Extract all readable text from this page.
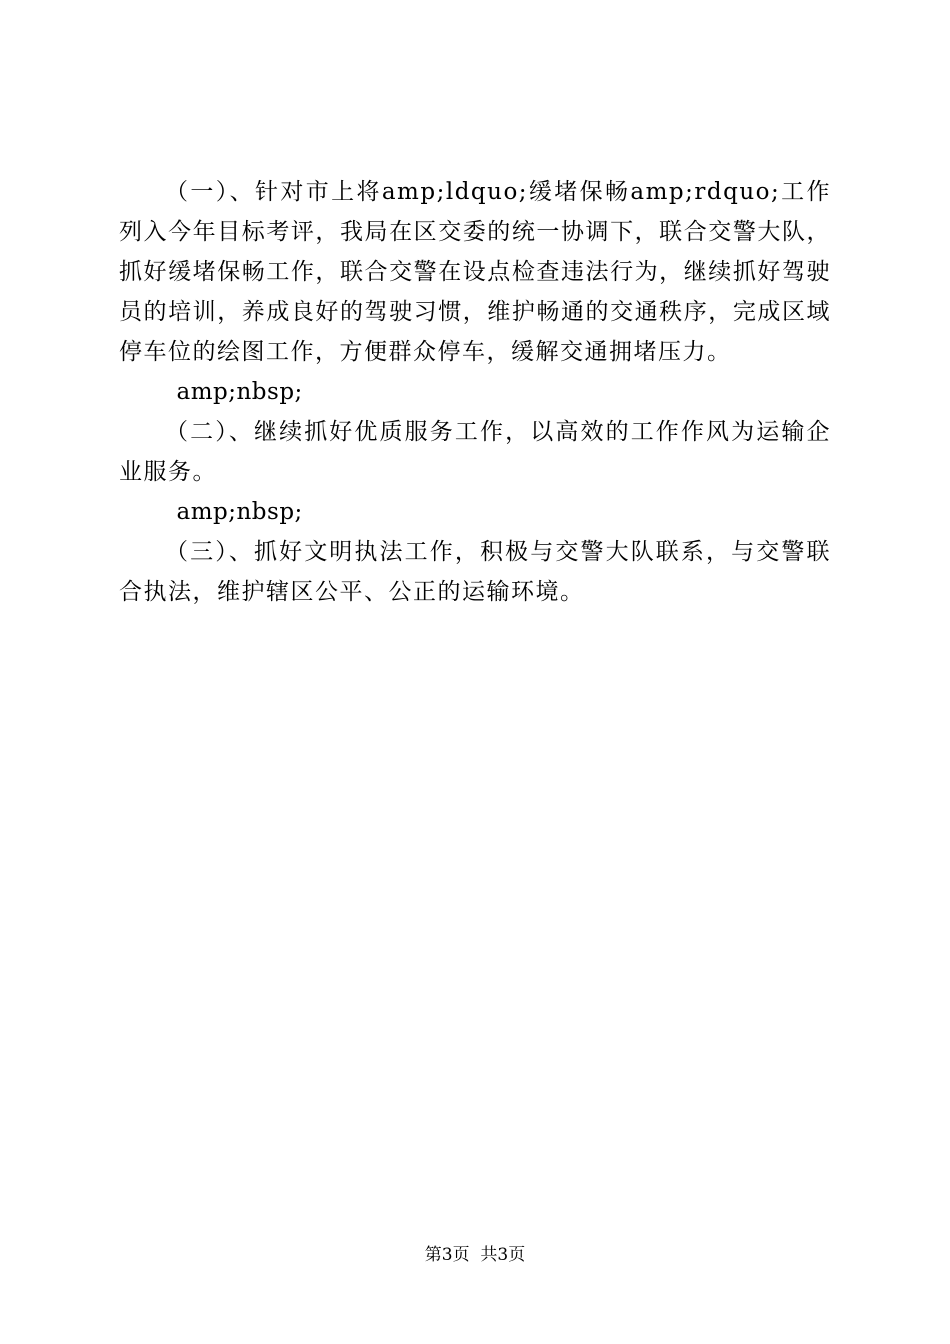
（一）、针对市上将amp;ldquo;缓堵保畅amp;rdquo;工作列入今年目标考评，我局在区交委的统一协调下，联合交警大队，抓好缓堵保畅工作，联合交警在设点检查违法行为，继续抓好驾驶员的培训，养成良好的驾驶习惯，维护畅通的交通秩序，完成区域停车位的绘图工作，方便群众停车，缓解交通拥堵压力。

amp;nbsp;

（二）、继续抓好优质服务工作，以高效的工作作风为运输企业服务。

amp;nbsp;

（三）、抓好文明执法工作，积极与交警大队联系，与交警联合执法，维护辖区公平、公正的运输环境。

第3页  共3页
